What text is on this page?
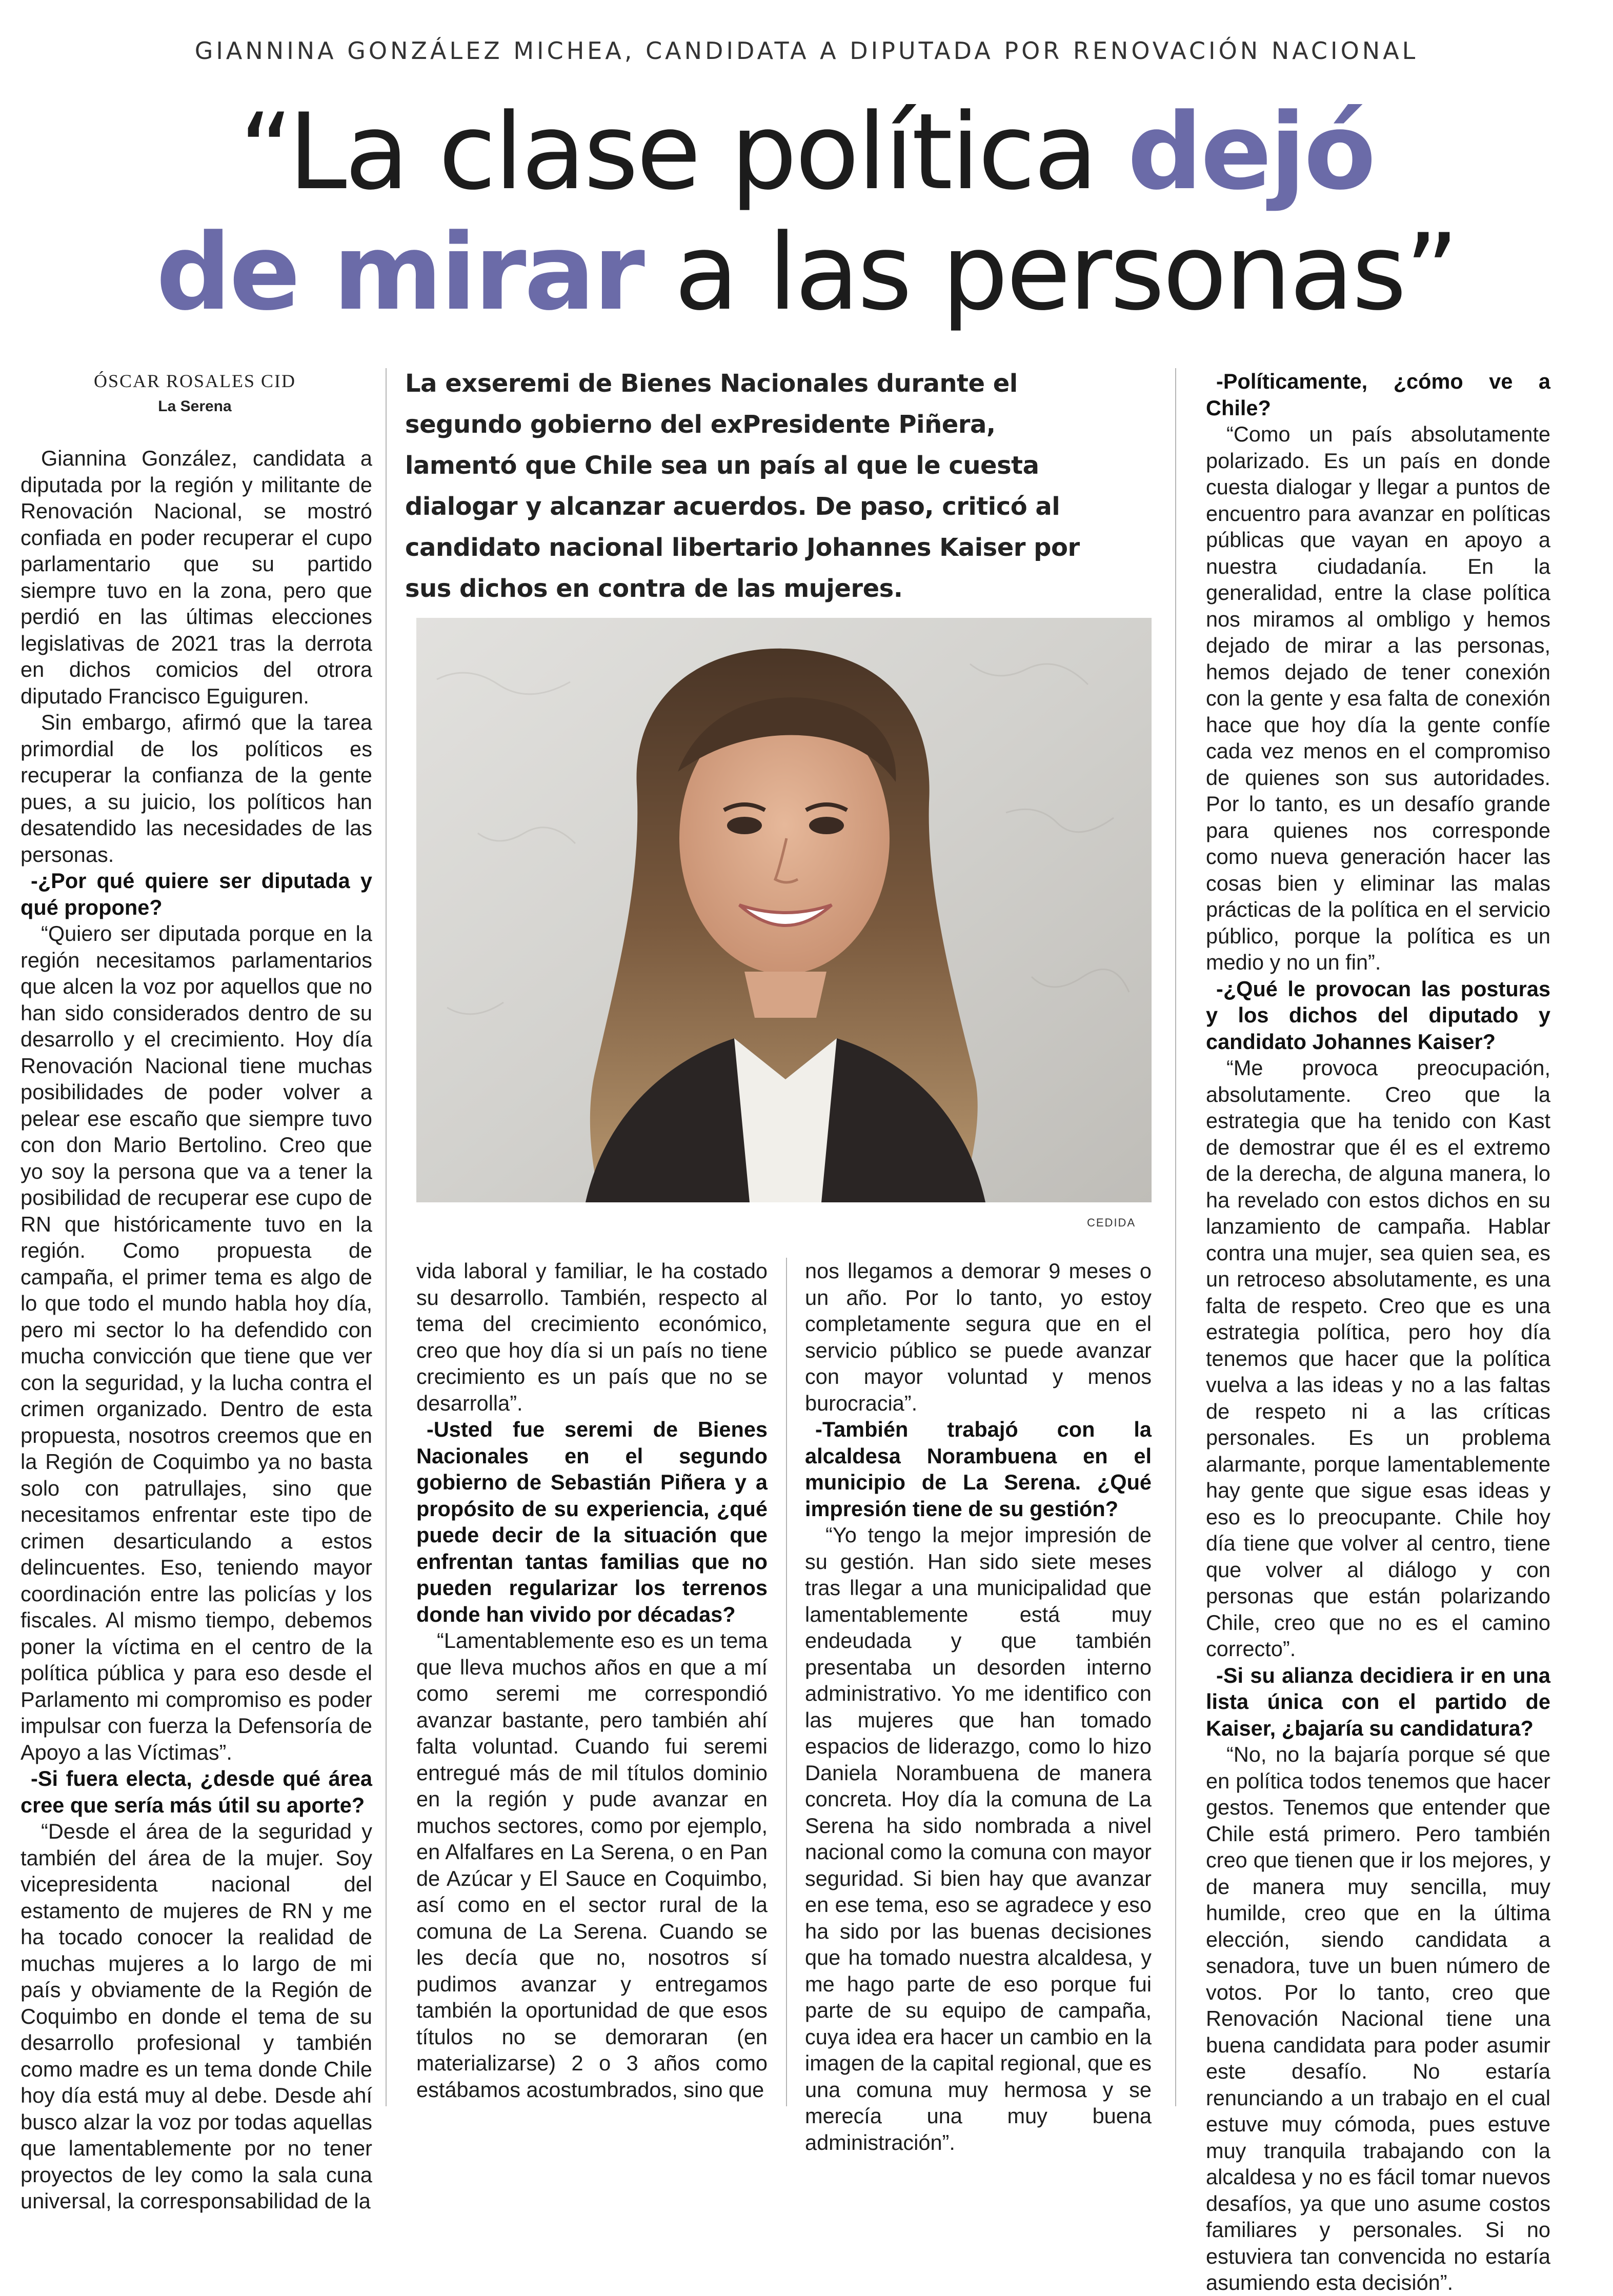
GIANNINA GONZÁLEZ MICHEA, CANDIDATA A DIPUTADA POR RENOVACIÓN NACIONAL
“La clase política dejó de mirar a las personas”
ÓSCAR ROSALES CID
La Serena

La exseremi de Bienes Nacionales durante el segundo gobierno del exPresidente Piñera, lamentó que Chile sea un país al que le cuesta dialogar y alcanzar acuerdos. De paso, criticó al candidato nacional libertario Johannes Kaiser por sus dichos en contra de las mujeres.

CEDIDA

Giannina González, candidata a diputada por la región y militante de Renovación Nacional, se mostró confiada en poder recuperar el cupo parlamentario que su partido siempre tuvo en la zona, pero que perdió en las últimas elecciones legislativas de 2021 tras la derrota en dichos comicios del otrora diputado Francisco Eguiguren.

Sin embargo, afirmó que la tarea primordial de los políticos es recuperar la confianza de la gente pues, a su juicio, los políticos han desatendido las necesidades de las personas.

-¿Por qué quiere ser diputada y qué propone?

“Quiero ser diputada porque en la región necesitamos parlamentarios que alcen la voz por aquellos que no han sido considerados dentro de su desarrollo y el crecimiento. Hoy día Renovación Nacional tiene muchas posibilidades de poder volver a pelear ese escaño que siempre tuvo con don Mario Bertolino. Creo que yo soy la persona que va a tener la posibilidad de recuperar ese cupo de RN que históricamente tuvo en la región. Como propuesta de campaña, el primer tema es algo de lo que todo el mundo habla hoy día, pero mi sector lo ha defendido con mucha convicción que tiene que ver con la seguridad, y la lucha contra el crimen organizado. Dentro de esta propuesta, nosotros creemos que en la Región de Coquimbo ya no basta solo con patrullajes, sino que necesitamos enfrentar este tipo de crimen desarticulando a estos delincuentes. Eso, teniendo mayor coordinación entre las policías y los fiscales. Al mismo tiempo, debemos poner la víctima en el centro de la política pública y para eso desde el Parlamento mi compromiso es poder impulsar con fuerza la Defensoría de Apoyo a las Víctimas”.

-Si fuera electa, ¿desde qué área cree que sería más útil su aporte?

“Desde el área de la seguridad y también del área de la mujer. Soy vicepresidenta nacional del estamento de mujeres de RN y me ha tocado conocer la realidad de muchas mujeres a lo largo de mi país y obviamente de la Región de Coquimbo en donde el tema de su desarrollo profesional y también como madre es un tema donde Chile hoy día está muy al debe. Desde ahí busco alzar la voz por todas aquellas que lamentablemente por no tener proyectos de ley como la sala cuna universal, la corresponsabilidad de la

vida laboral y familiar, le ha costado su desarrollo. También, respecto al tema del crecimiento económico, creo que hoy día si un país no tiene crecimiento es un país que no se desarrolla”.

-Usted fue seremi de Bienes Nacionales en el segundo gobierno de Sebastián Piñera y a propósito de su experiencia, ¿qué puede decir de la situación que enfrentan tantas familias que no pueden regularizar los terrenos donde han vivido por décadas?

“Lamentablemente eso es un tema que lleva muchos años en que a mí como seremi me correspondió avanzar bastante, pero también ahí falta voluntad. Cuando fui seremi entregué más de mil títulos dominio en la región y pude avanzar en muchos sectores, como por ejemplo, en Alfalfares en La Serena, o en Pan de Azúcar y El Sauce en Coquimbo, así como en el sector rural de la comuna de La Serena. Cuando se les decía que no, nosotros sí pudimos avanzar y entregamos también la oportunidad de que esos títulos no se demoraran (en materializarse) 2 o 3 años como estábamos acostumbrados, sino que

nos llegamos a demorar 9 meses o un año. Por lo tanto, yo estoy completamente segura que en el servicio público se puede avanzar con mayor voluntad y menos burocracia”.

-También trabajó con la alcaldesa Norambuena en el municipio de La Serena. ¿Qué impresión tiene de su gestión?

“Yo tengo la mejor impresión de su gestión. Han sido siete meses tras llegar a una municipalidad que lamentablemente está muy endeudada y que también presentaba un desorden interno administrativo. Yo me identifico con las mujeres que han tomado espacios de liderazgo, como lo hizo Daniela Norambuena de manera concreta. Hoy día la comuna de La Serena ha sido nombrada a nivel nacional como la comuna con mayor seguridad. Si bien hay que avanzar en ese tema, eso se agradece y eso ha sido por las buenas decisiones que ha tomado nuestra alcaldesa, y me hago parte de eso porque fui parte de su equipo de campaña, cuya idea era hacer un cambio en la imagen de la capital regional, que es una comuna muy hermosa y se merecía una muy buena administración”.

-Políticamente, ¿cómo ve a Chile?

“Como un país absolutamente polarizado. Es un país en donde cuesta dialogar y llegar a puntos de encuentro para avanzar en políticas públicas que vayan en apoyo a nuestra ciudadanía. En la generalidad, entre la clase política nos miramos al ombligo y hemos dejado de mirar a las personas, hemos dejado de tener conexión con la gente y esa falta de conexión hace que hoy día la gente confíe cada vez menos en el compromiso de quienes son sus autoridades. Por lo tanto, es un desafío grande para quienes nos corresponde como nueva generación hacer las cosas bien y eliminar las malas prácticas de la política en el servicio público, porque la política es un medio y no un fin”.

-¿Qué le provocan las posturas y los dichos del diputado y candidato Johannes Kaiser?

“Me provoca preocupación, absolutamente. Creo que la estrategia que ha tenido con Kast de demostrar que él es el extremo de la derecha, de alguna manera, lo ha revelado con estos dichos en su lanzamiento de campaña. Hablar contra una mujer, sea quien sea, es un retroceso absolutamente, es una falta de respeto. Creo que es una estrategia política, pero hoy día tenemos que hacer que la política vuelva a las ideas y no a las faltas de respeto ni a las críticas personales. Es un problema alarmante, porque lamentablemente hay gente que sigue esas ideas y eso es lo preocupante. Chile hoy día tiene que volver al centro, tiene que volver al diálogo y con personas que están polarizando Chile, creo que no es el camino correcto”.

-Si su alianza decidiera ir en una lista única con el partido de Kaiser, ¿bajaría su candidatura?

“No, no la bajaría porque sé que en política todos tenemos que hacer gestos. Tenemos que entender que Chile está primero. Pero también creo que tienen que ir los mejores, y de manera muy sencilla, muy humilde, creo que en la última elección, siendo candidata a senadora, tuve un buen número de votos. Por lo tanto, creo que Renovación Nacional tiene una buena candidata para poder asumir este desafío. No estaría renunciando a un trabajo en el cual estuve muy cómoda, pues estuve muy tranquila trabajando con la alcaldesa y no es fácil tomar nuevos desafíos, ya que uno asume costos familiares y personales. Si no estuviera tan convencida no estaría asumiendo esta decisión”.
